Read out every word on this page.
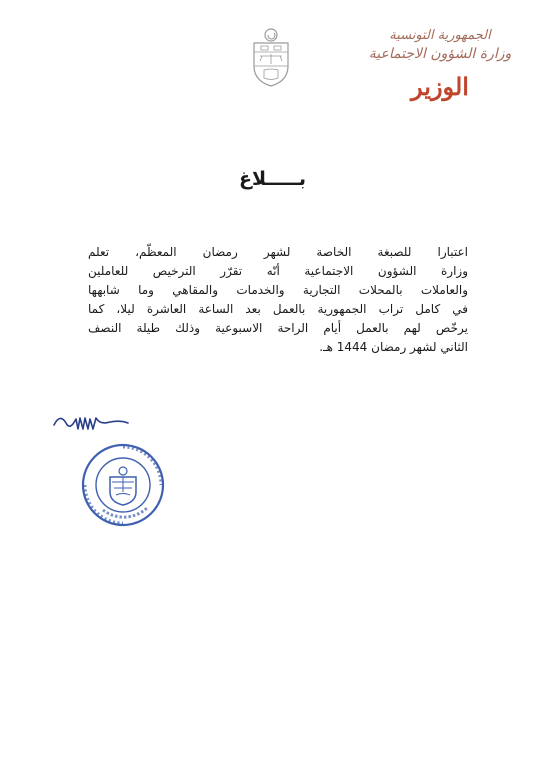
الجمهورية التونسية
وزارة الشؤون الاجتماعية
الوزير
بـــــلاغ
اعتبارا للصبغة الخاصة لشهر رمضان المعظّم، تعلم
وزارة الشؤون الاجتماعية أنّه تقرّر الترخيص للعاملين
والعاملات بالمحلات التجارية والخدمات والمقاهي وما شابهها
في كامل تراب الجمهورية بالعمل بعد الساعة العاشرة ليلا، كما
يرخّص لهم بالعمل أيام الراحة الاسبوعية وذلك طيلة النصف
الثاني لشهر رمضان 1444 هـ.
